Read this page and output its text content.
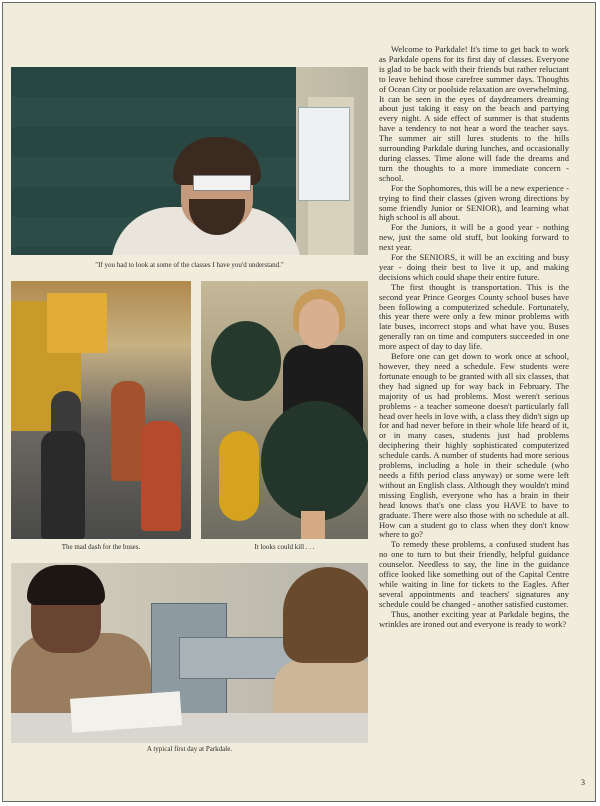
"If you had to look at some of the classes I have you'd understand."
The mad dash for the buses.	It looks could kill . . .
A typical first day at Parkdale.

Welcome to Parkdale! It's time to get back to work as Parkdale opens for its first day of classes. Everyone is glad to be back with their friends but rather reluctant to leave behind those carefree summer days. Thoughts of Ocean City or poolside relaxation are overwhelming. It can be seen in the eyes of daydreamers dreaming about just taking it easy on the beach and partying every night. A side effect of summer is that students have a tendency to not hear a word the teacher says. The summer air still lures students to the hills surrounding Parkdale during lunches, and occasionally during classes. Time alone will fade the dreams and turn the thoughts to a more immediate concern - school.

For the Sophomores, this will be a new experience - trying to find their classes (given wrong directions by some friendly Junior or SENIOR), and learning what high school is all about.

For the Juniors, it will be a good year - nothing new, just the same old stuff, but looking forward to next year.

For the SENIORS, it will be an exciting and busy year - doing their best to live it up, and making decisions which could shape their entire future.

The first thought is transportation. This is the second year Prince Georges County school buses have been following a computerized schedule. Fortunately, this year there were only a few minor problems with late buses, incorrect stops and what have you. Buses generally ran on time and computers succeeded in one more aspect of day to day life.

Before one can get down to work once at school, however, they need a schedule. Few students were fortunate enough to be granted with all six classes, that they had signed up for way back in February. The majority of us had problems. Most weren't serious problems - a teacher someone doesn't particularly fall head over heels in love with, a class they didn't sign up for and had never before in their whole life heard of it, or in many cases, students just had problems deciphering their highly sophisticated computerized schedule cards. A number of students had more serious problems, including a hole in their schedule (who needs a fifth period class anyway) or some were left without an English class. Although they wouldn't mind missing English, everyone who has a brain in their head knows that's one class you HAVE to have to graduate. There were also those with no schedule at all. How can a student go to class when they don't know where to go?

To remedy these problems, a confused student has no one to turn to but their friendly, helpful guidance counselor. Needless to say, the line in the guidance office looked like something out of the Capital Centre while waiting in line for tickets to the Eagles. After several appointments and teachers' signatures any schedule could be changed - another satisfied customer.

Thus, another exciting year at Parkdale begins, the wrinkles are ironed out and everyone is ready to work?

3
